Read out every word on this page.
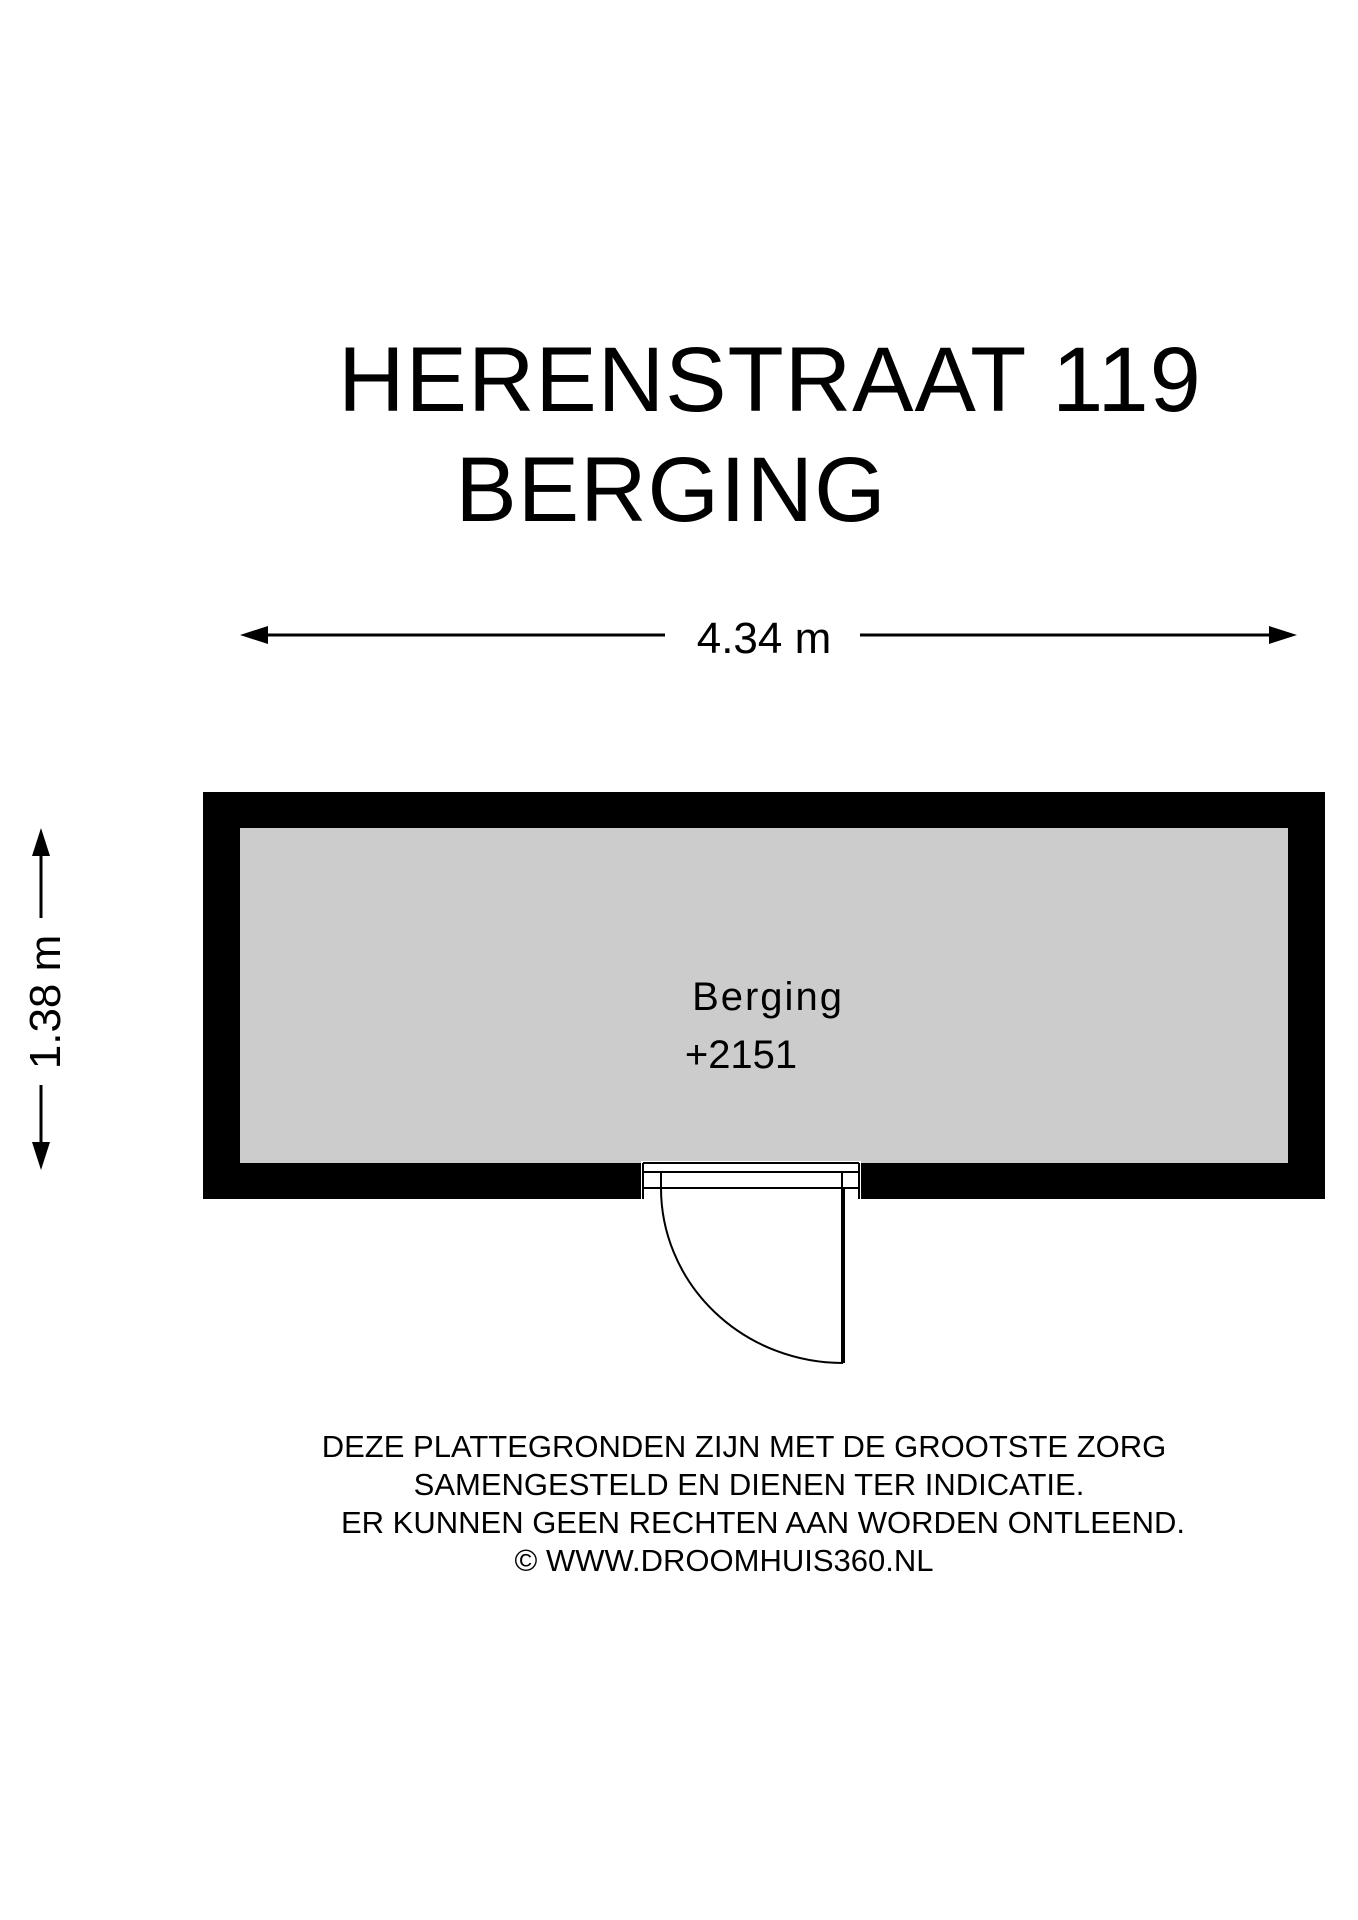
HERENSTRAAT 119
BERGING
4.34 m
1.38 m	Berging
+2151
DEZE PLATTEGRONDEN ZIJN MET DE GROOTSTE ZORG
SAMENGESTELD EN DIENEN TER INDICATIE.
ER KUNNEN GEEN RECHTEN AAN WORDEN ONTLEEND.
© WWW.DROOMHUIS360.NL
